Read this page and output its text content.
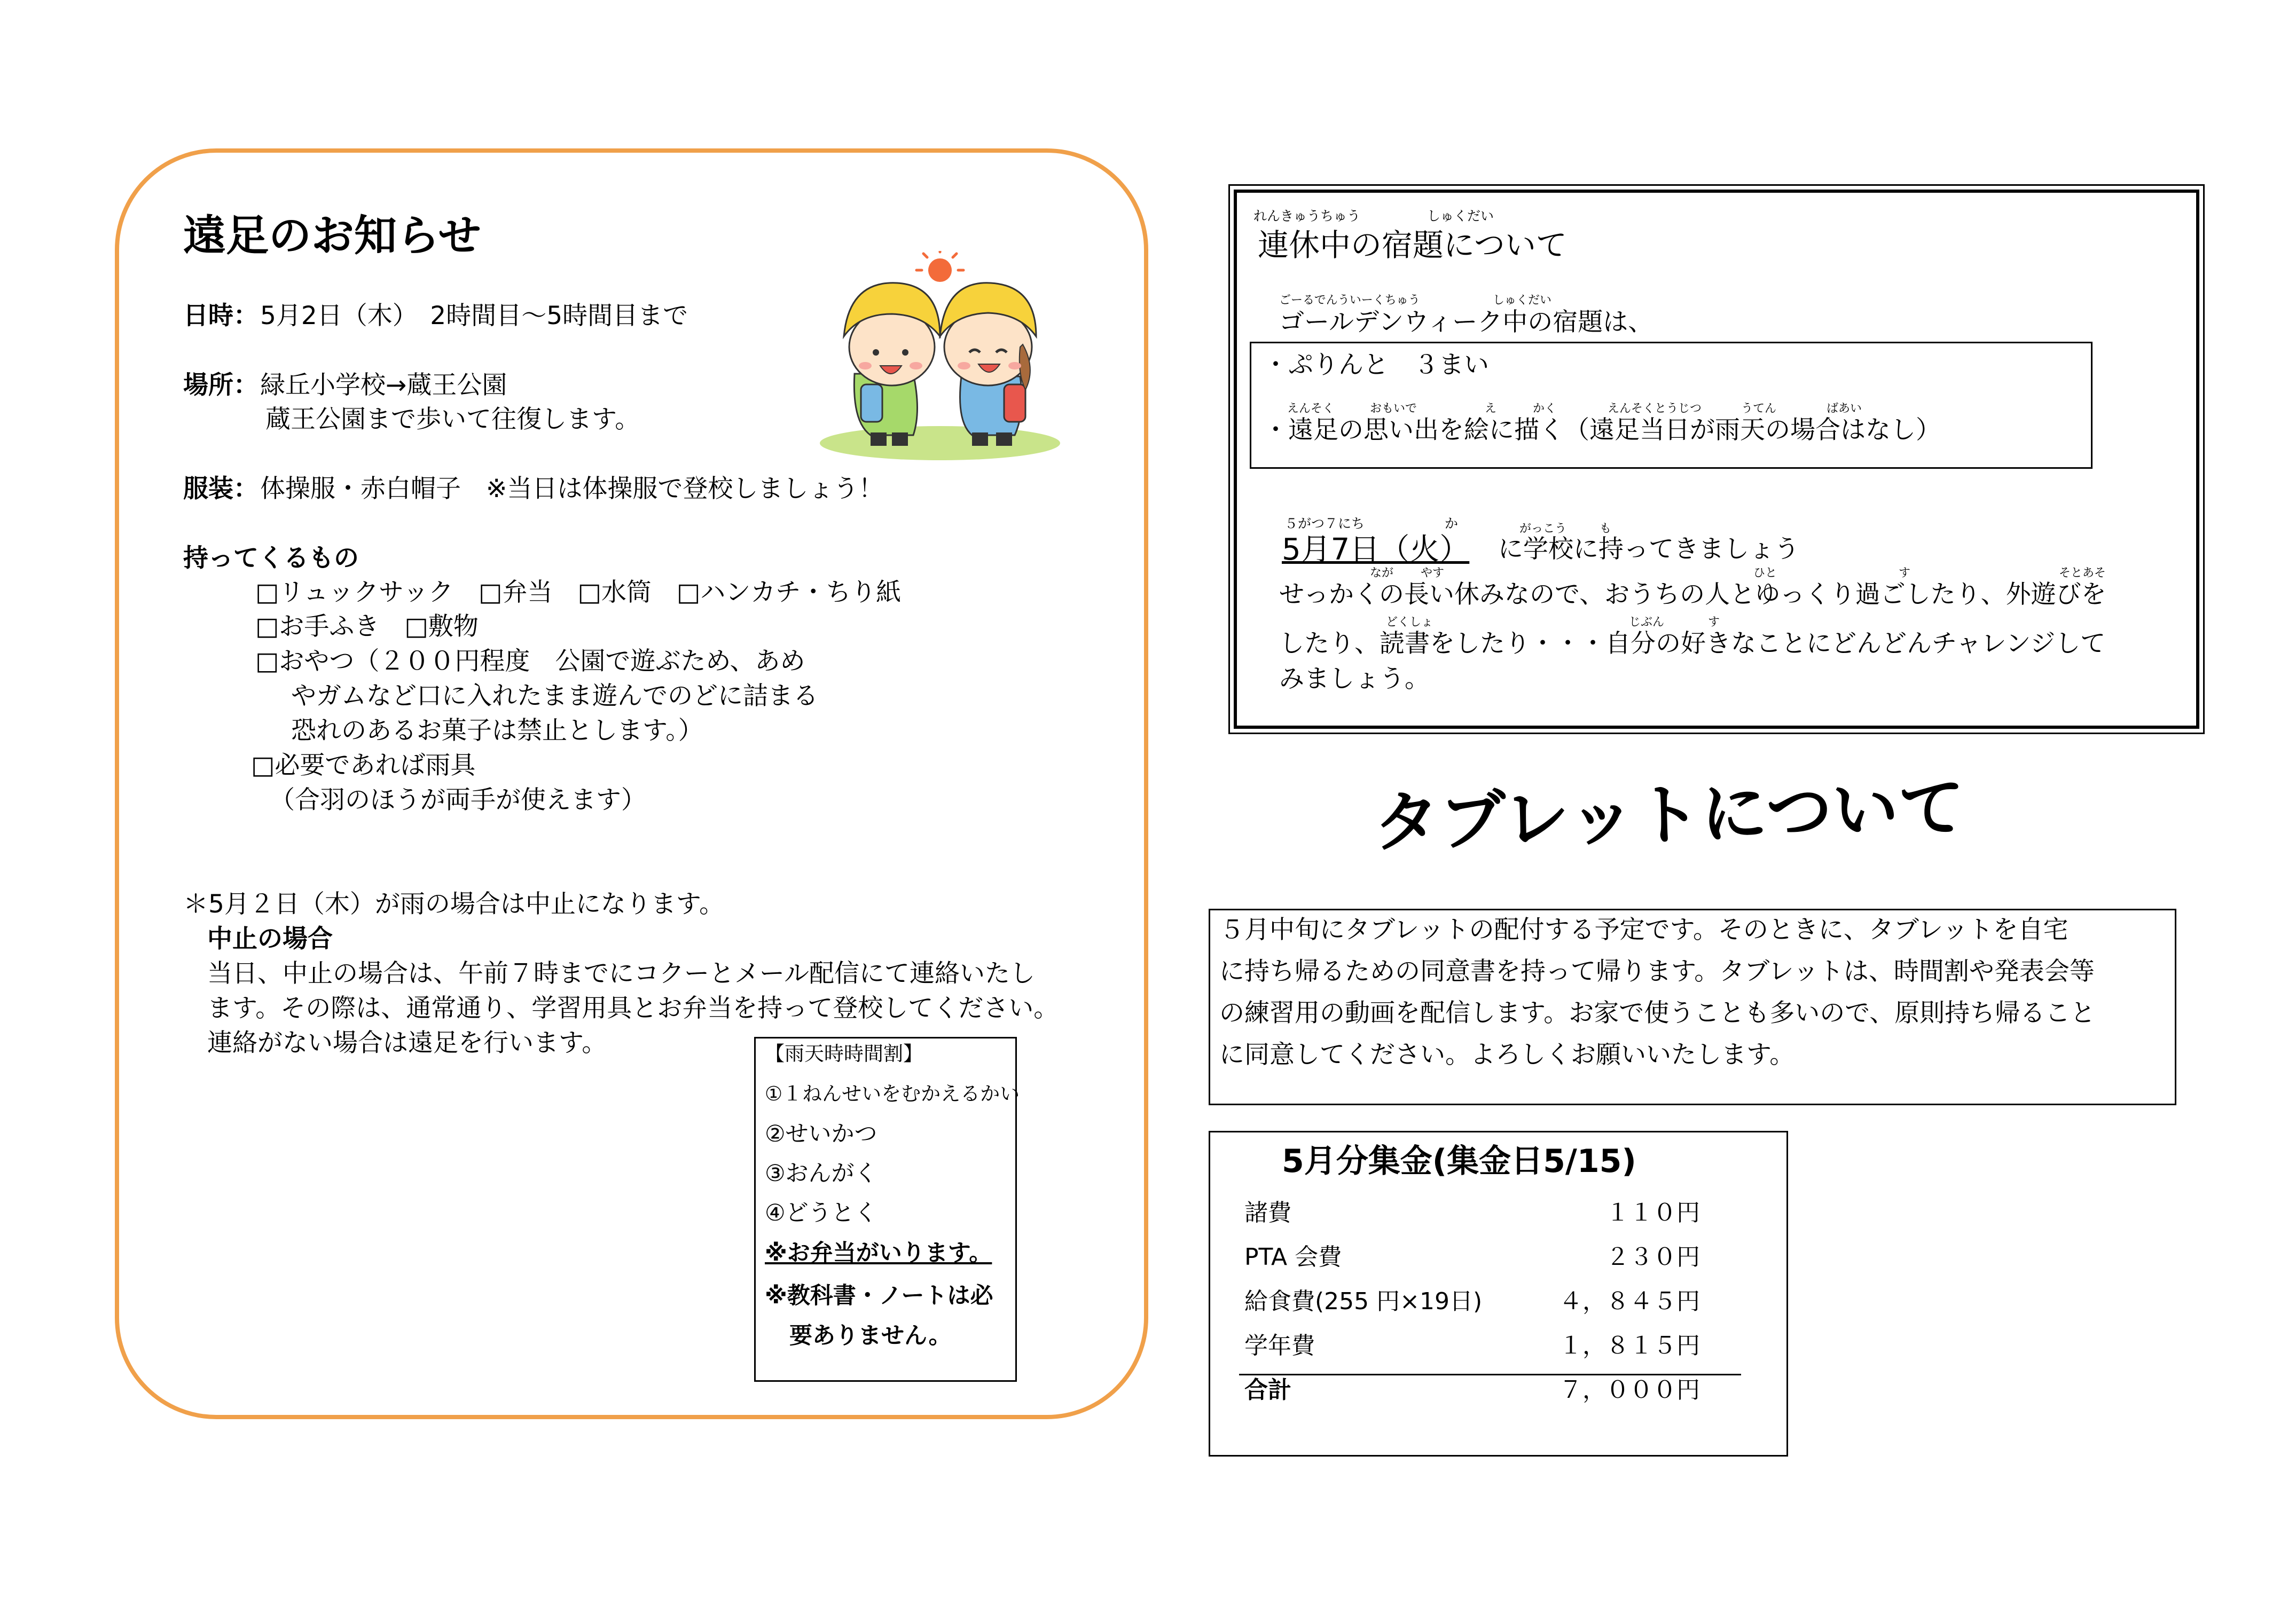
遠足のお知らせ
日時： 5月2日（木）　2時間目～5時間目まで
場所： 緑丘小学校→蔵王公園
蔵王公園まで歩いて往復します。
服装： 体操服・赤白帽子　※当日は体操服で登校しましょう！
持ってくるもの
□リュックサック　□弁当　□水筒　□ハンカチ・ちり紙
□お手ふき　□敷物
□おやつ（２００円程度　公園で遊ぶため、あめ
やガムなど口に入れたまま遊んでのどに詰まる
恐れのあるお菓子は禁止とします。）
□必要であれば雨具
（合羽のほうが両手が使えます）
＊5月２日（木）が雨の場合は中止になります。
中止の場合
当日、中止の場合は、午前７時までにコクーとメール配信にて連絡いたし
ます。その際は、通常通り、学習用具とお弁当を持って登校してください。
連絡がない場合は遠足を行います。	【雨天時時間割】
①１ねんせいをむかえるかい
②せいかつ
③おんがく
④どうとく
※お弁当がいります。
※教科書・ノートは必
要ありません。
れんきゅうちゅう	しゅくだい
連休中の宿題について
ごーるでんういーくちゅう	しゅくだい
ゴールデンウィーク中の宿題は、
・ぷりんと　３まい
えんそく	おもいで	え	かく	えんそくとうじつ	うてん	ばあい
・遠足の思い出を絵に描く（遠足当日が雨天の場合はなし）
５がつ７にち	か
5月7日（火）
がっこう	も
に学校に持ってきましょう
なが やす	ひと	す	そとあそ
せっかくの長い休みなので、おうちの人とゆっくり過ごしたり、外遊びを
どくしょ	じぶん	す
したり、読書をしたり・・・自分の好きなことにどんどんチャレンジして
みましょう。
タブレットについて
５月中旬にタブレットの配付する予定です。そのときに、タブレットを自宅
に持ち帰るための同意書を持って帰ります。タブレットは、時間割や発表会等
の練習用の動画を配信します。お家で使うことも多いので、原則持ち帰ること
に同意してください。よろしくお願いいたします。
5月分集金(集金日5/15)
諸費	１１０円
PTA 会費	２３０円
給食費(255 円×19日)	４，８４５円
学年費	１，８１５円
合計	７，０００円
